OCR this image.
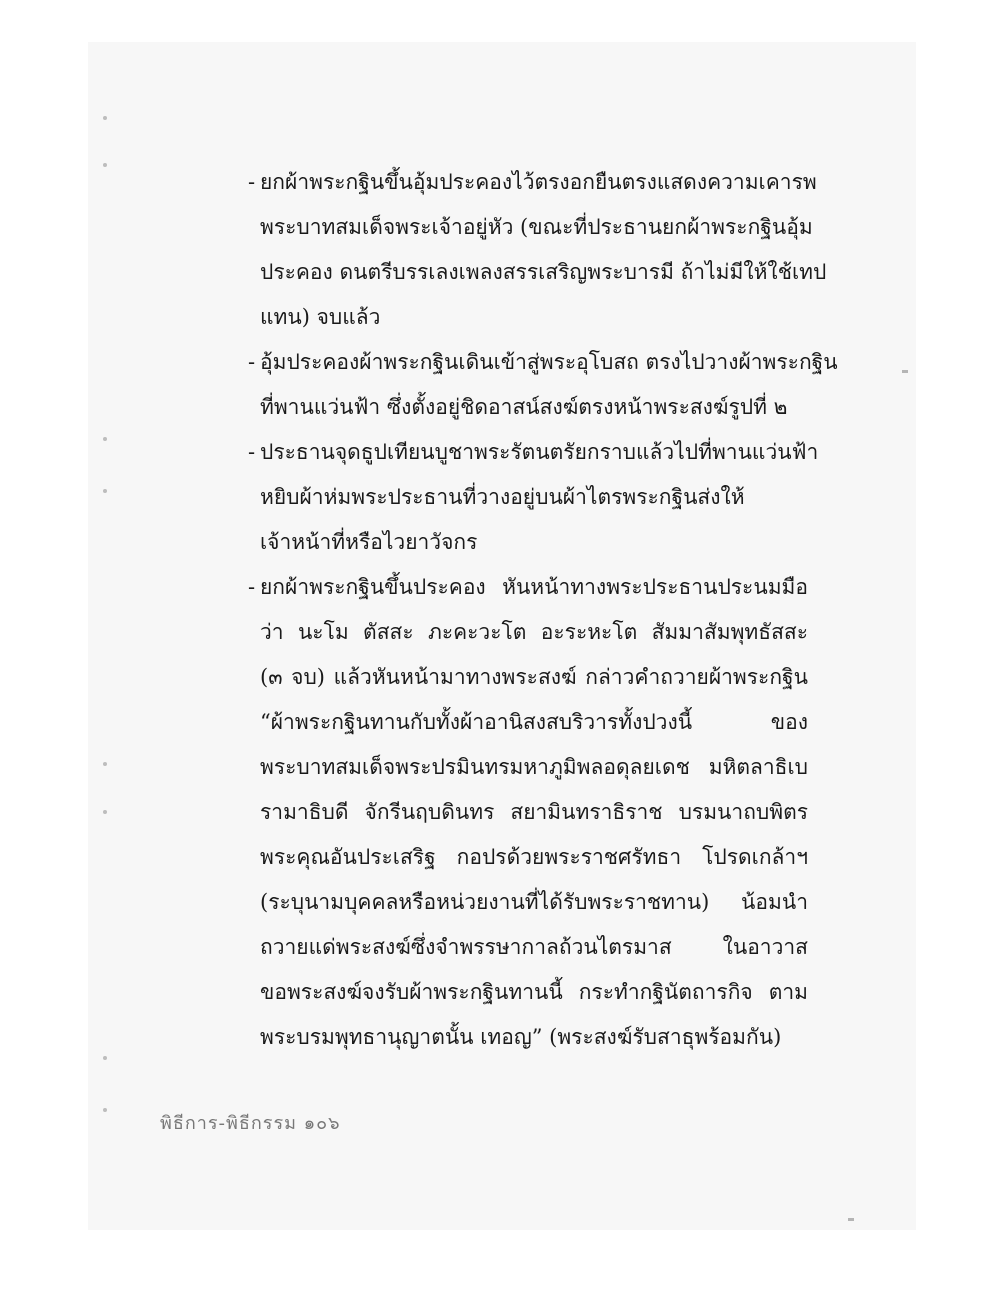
- ยกผ้าพระกฐินขึ้นอุ้มประคองไว้ตรงอกยืนตรงแสดงความเคารพ
พระบาทสมเด็จพระเจ้าอยู่หัว (ขณะที่ประธานยกผ้าพระกฐินอุ้ม
ประคอง ดนตรีบรรเลงเพลงสรรเสริญพระบารมี ถ้าไม่มีให้ใช้เทป
แทน) จบแล้ว
- อุ้มประคองผ้าพระกฐินเดินเข้าสู่พระอุโบสถ ตรงไปวางผ้าพระกฐิน
ที่พานแว่นฟ้า ซึ่งตั้งอยู่ชิดอาสน์สงฆ์ตรงหน้าพระสงฆ์รูปที่ ๒
- ประธานจุดธูปเทียนบูชาพระรัตนตรัยกราบแล้วไปที่พานแว่นฟ้า
หยิบผ้าห่มพระประธานที่วางอยู่บนผ้าไตรพระกฐินส่งให้
เจ้าหน้าที่หรือไวยาวัจกร
- ยกผ้าพระกฐินขึ้นประคอง หันหน้าทางพระประธานประนมมือ
ว่า นะโม ตัสสะ ภะคะวะโต อะระหะโต สัมมาสัมพุทธัสสะ
(๓ จบ) แล้วหันหน้ามาทางพระสงฆ์ กล่าวคำถวายผ้าพระกฐิน
“ผ้าพระกฐินทานกับทั้งผ้าอานิสงสบริวารทั้งปวงนี้ ของ
พระบาทสมเด็จพระปรมินทรมหาภูมิพลอดุลยเดช มหิตลาธิเบ
รามาธิบดี จักรีนฤบดินทร สยามินทราธิราช บรมนาถบพิตร
พระคุณอันประเสริฐ กอปรด้วยพระราชศรัทธา โปรดเกล้าฯ
(ระบุนามบุคคลหรือหน่วยงานที่ได้รับพระราชทาน) น้อมนำ
ถวายแด่พระสงฆ์ซึ่งจำพรรษากาลถ้วนไตรมาส ในอาวาส
ขอพระสงฆ์จงรับผ้าพระกฐินทานนี้ กระทำกฐินัตถารกิจ ตาม
พระบรมพุทธานุญาตนั้น เทอญ” (พระสงฆ์รับสาธุพร้อมกัน)
พิธีการ-พิธีกรรม ๑๐๖
